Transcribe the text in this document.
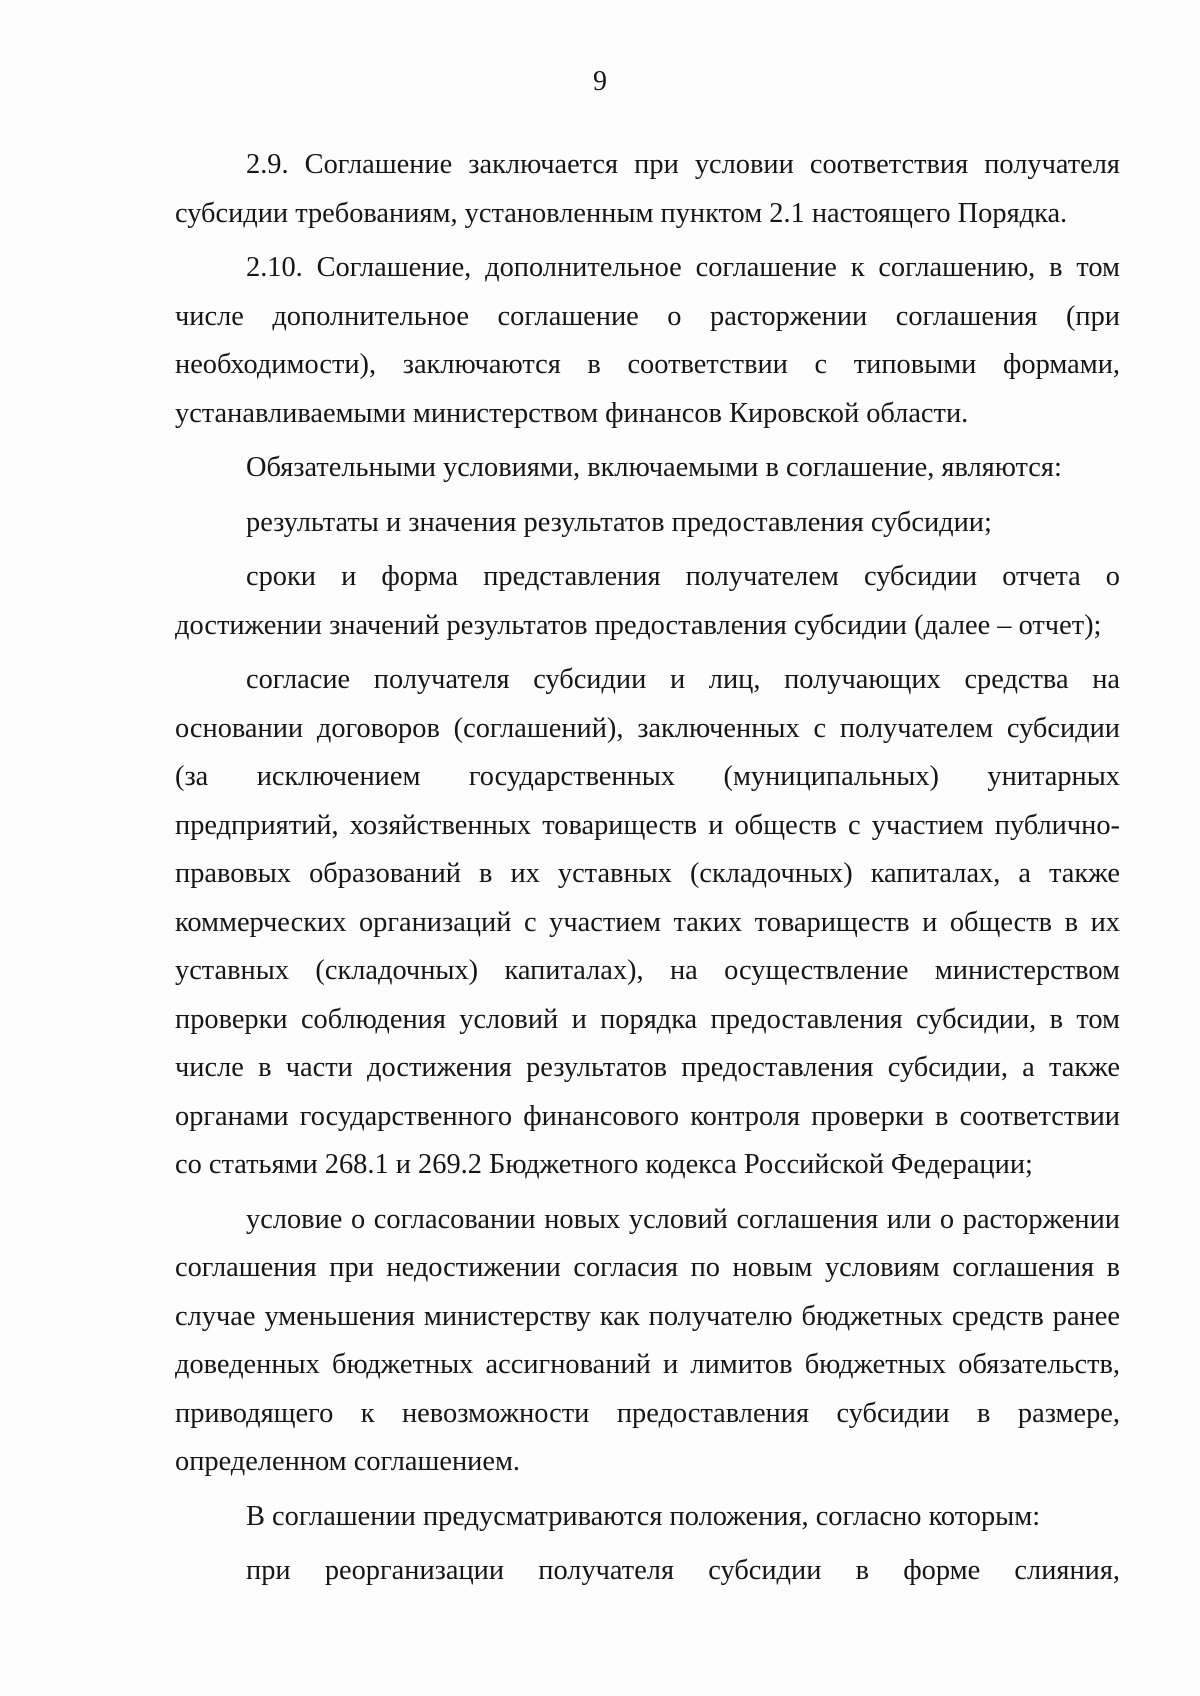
9

2.9. Соглашение заключается при условии соответствия получателя субсидии требованиям, установленным пунктом 2.1 настоящего Порядка.

2.10. Соглашение, дополнительное соглашение к соглашению, в том числе дополнительное соглашение о расторжении соглашения (при необходимости), заключаются в соответствии с типовыми формами, устанавливаемыми министерством финансов Кировской области.

Обязательными условиями, включаемыми в соглашение, являются:

результаты и значения результатов предоставления субсидии;

сроки и форма представления получателем субсидии отчета о достижении значений результатов предоставления субсидии (далее – отчет);

согласие получателя субсидии и лиц, получающих средства на основании договоров (соглашений), заключенных с получателем субсидии (за исключением государственных (муниципальных) унитарных предприятий, хозяйственных товариществ и обществ с участием публично-правовых образований в их уставных (складочных) капиталах, а также коммерческих организаций с участием таких товариществ и обществ в их уставных (складочных) капиталах), на осуществление министерством проверки соблюдения условий и порядка предоставления субсидии, в том числе в части достижения результатов предоставления субсидии, а также органами государственного финансового контроля проверки в соответствии со статьями 268.1 и 269.2 Бюджетного кодекса Российской Федерации;

условие о согласовании новых условий соглашения или о расторжении соглашения при недостижении согласия по новым условиям соглашения в случае уменьшения министерству как получателю бюджетных средств ранее доведенных бюджетных ассигнований и лимитов бюджетных обязательств, приводящего к невозможности предоставления субсидии в размере, определенном соглашением.

В соглашении предусматриваются положения, согласно которым:

при реорганизации получателя субсидии в форме слияния,
